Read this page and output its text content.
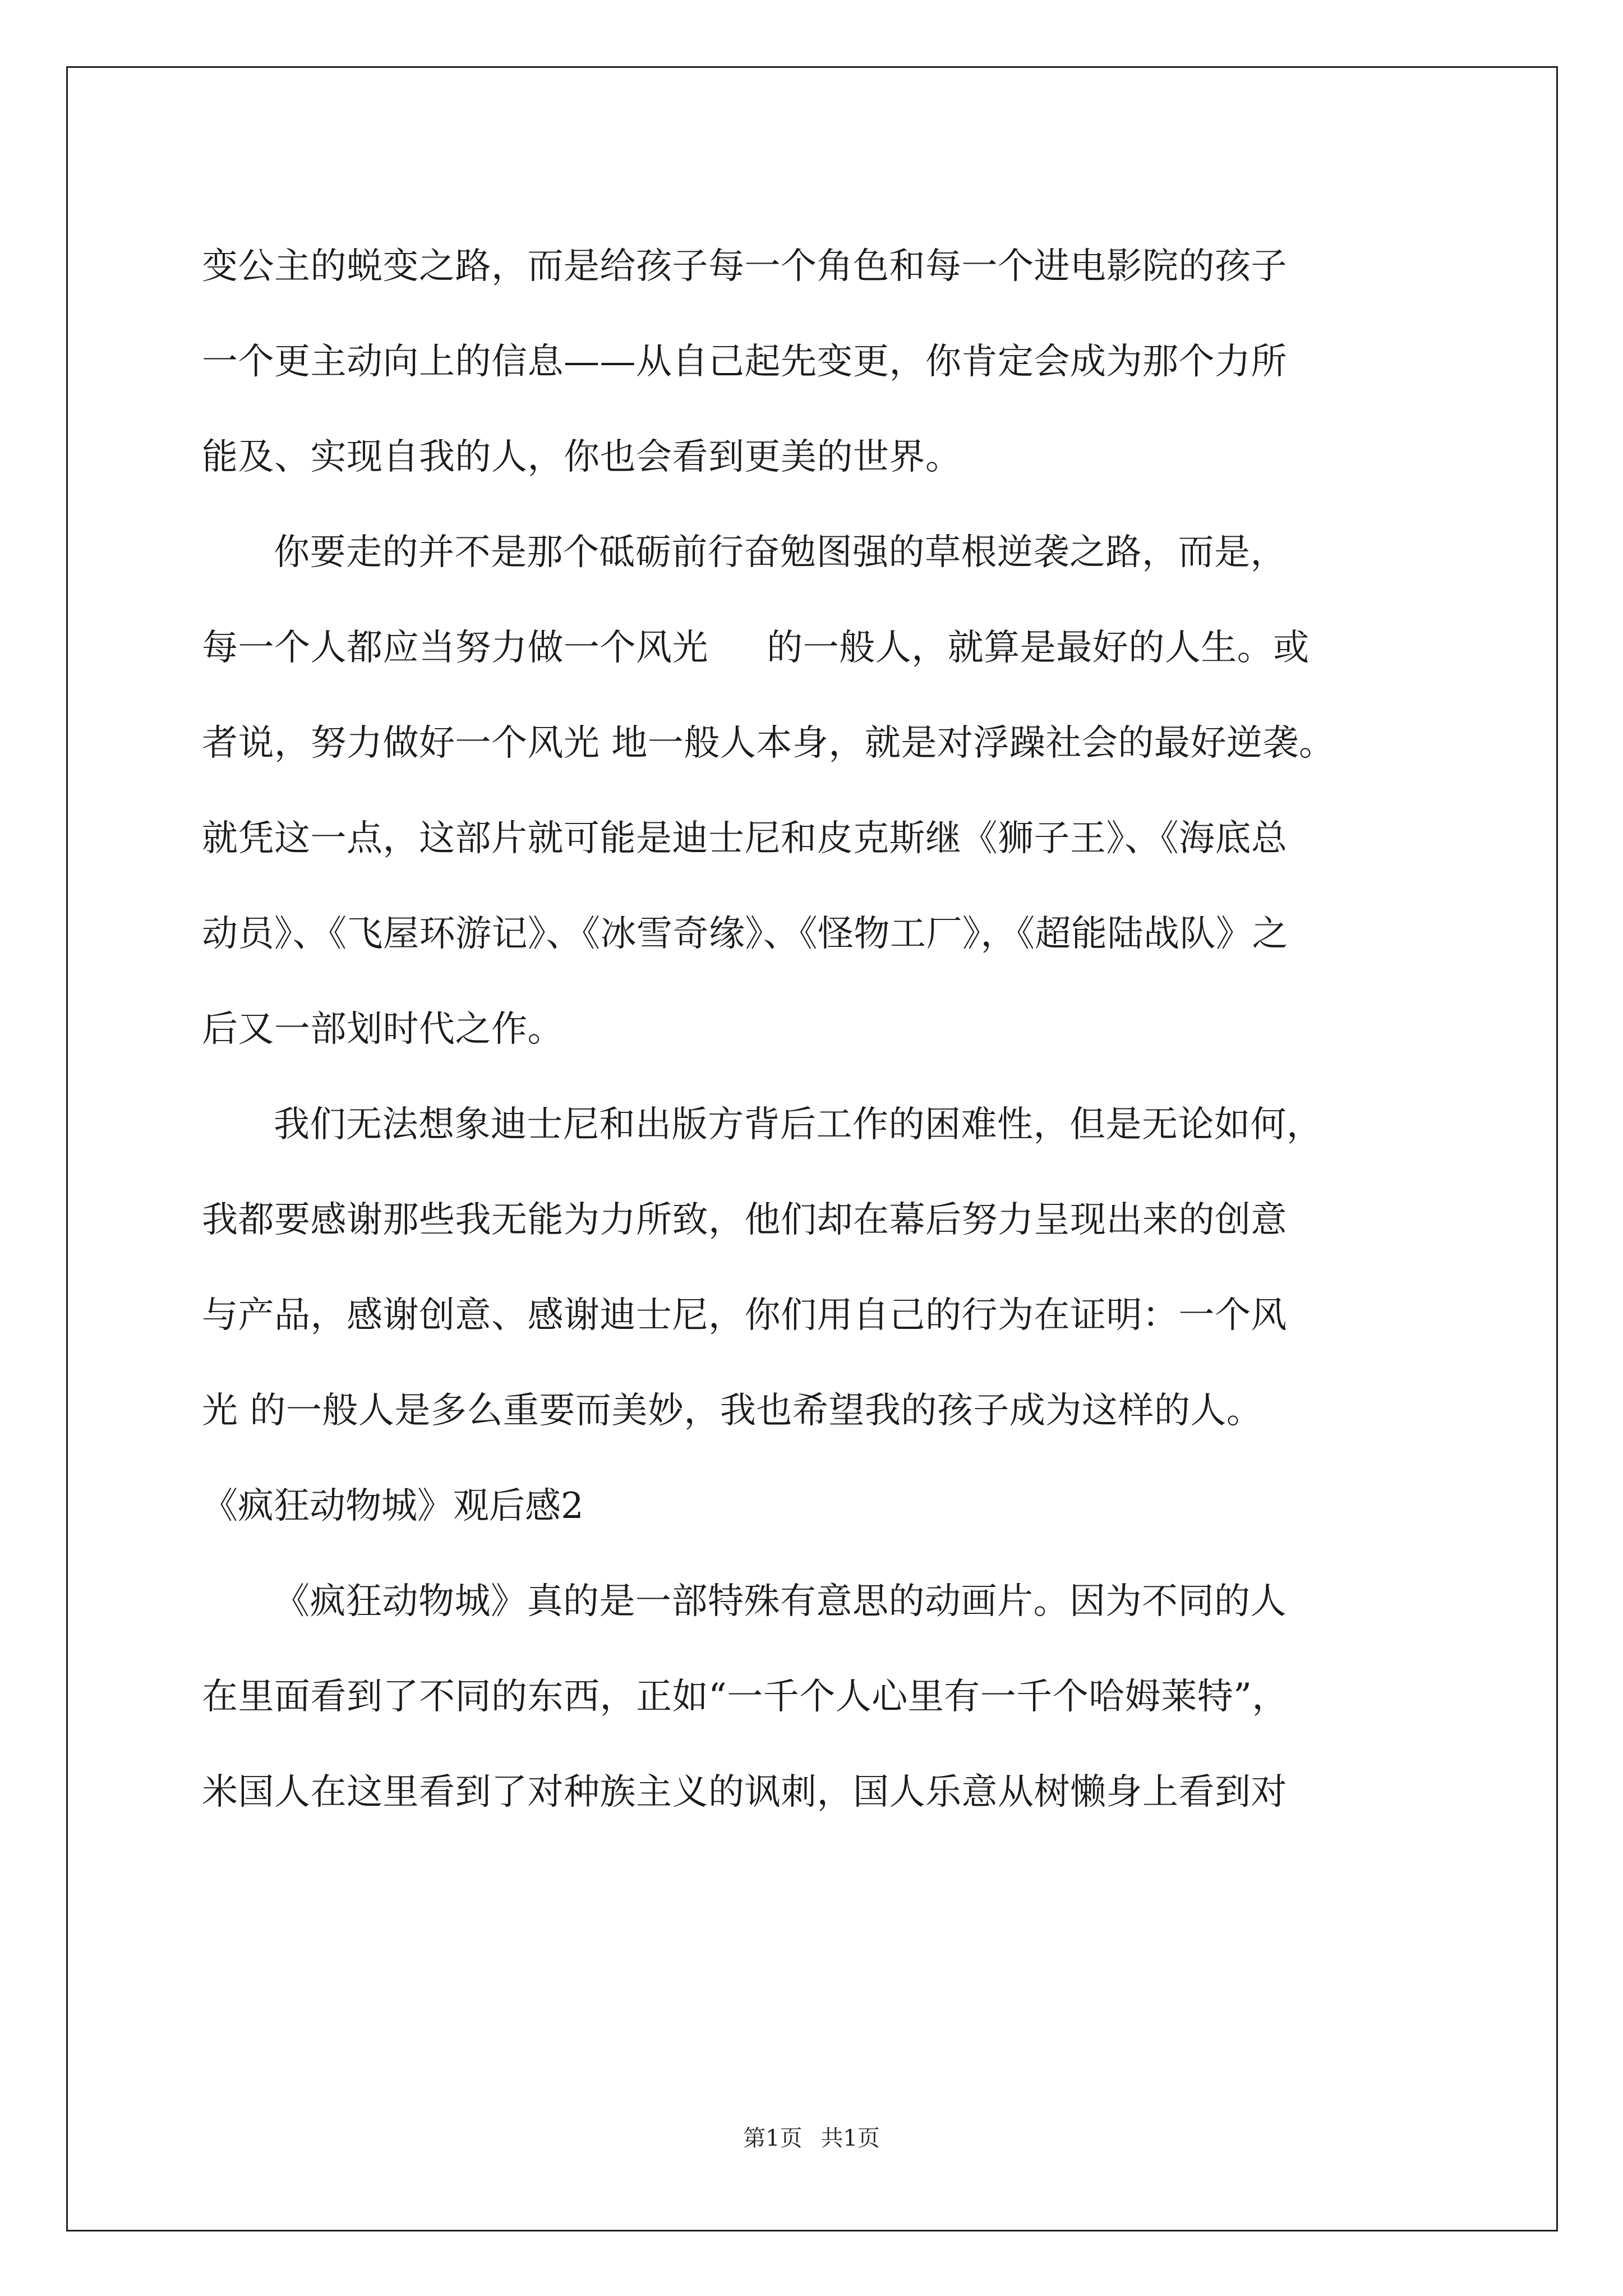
变公主的蜕变之路，而是给孩子每一个角色和每一个进电影院的孩子
一个更主动向上的信息——从自己起先变更，你肯定会成为那个力所
能及、实现自我的人，你也会看到更美的世界。
你要走的并不是那个砥砺前行奋勉图强的草根逆袭之路，而是，
每一个人都应当努力做一个风光     的一般人，就算是最好的人生。或
者说，努力做好一个风光 地一般人本身，就是对浮躁社会的最好逆袭。
就凭这一点，这部片就可能是迪士尼和皮克斯继《狮子王》、《海底总
动员》、《飞屋环游记》、《冰雪奇缘》、《怪物工厂》，《超能陆战队》之
后又一部划时代之作。
我们无法想象迪士尼和出版方背后工作的困难性，但是无论如何，
我都要感谢那些我无能为力所致，他们却在幕后努力呈现出来的创意
与产品，感谢创意、感谢迪士尼，你们用自己的行为在证明：一个风
光 的一般人是多么重要而美妙，我也希望我的孩子成为这样的人。
《疯狂动物城》观后感2
《疯狂动物城》真的是一部特殊有意思的动画片。因为不同的人
在里面看到了不同的东西，正如“一千个人心里有一千个哈姆莱特”，
米国人在这里看到了对种族主义的讽刺，国人乐意从树懒身上看到对
第1页 共1页
